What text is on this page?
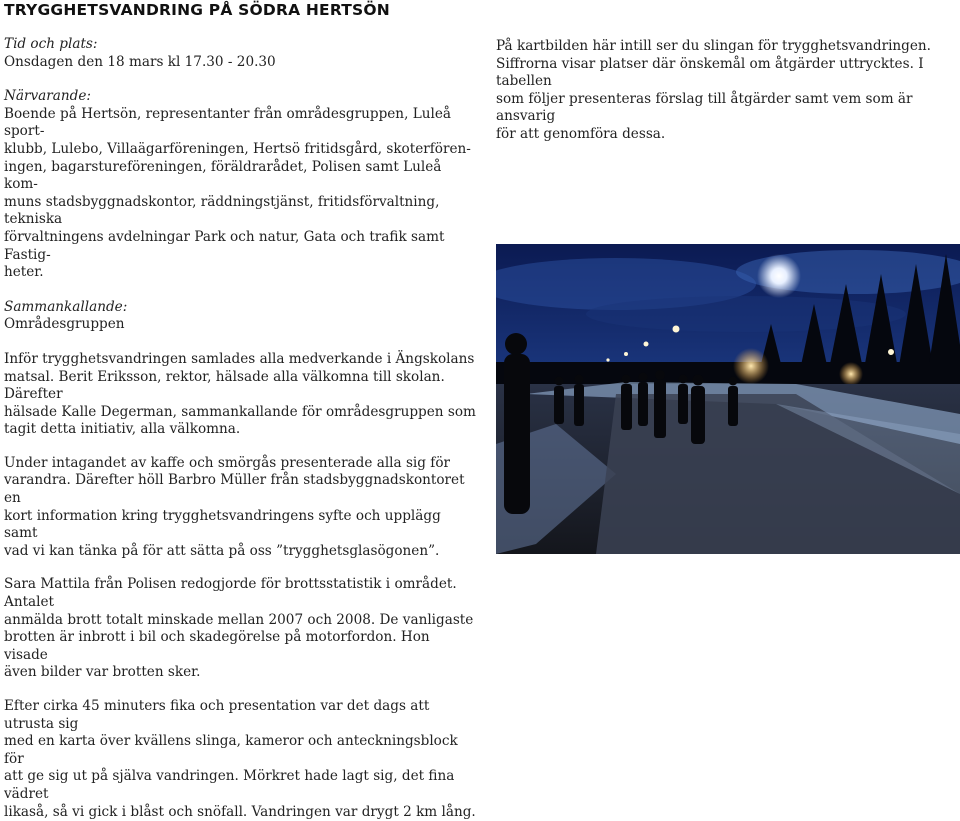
TRYGGHETSVANDRING PÅ SÖDRA HERTSÖN

Tid och plats:

Onsdagen den 18 mars kl 17.30 - 20.30

Närvarande:

Boende på Hertsön, representanter från områdesgruppen, Luleå sport-

klubb, Lulebo, Villaägarföreningen, Hertsö fritidsgård, skoterfören-

ingen, bagarstureföreningen, föräldrarådet, Polisen samt Luleå kom-

muns stadsbyggnadskontor, räddningstjänst, fritidsförvaltning, tekniska

förvaltningens avdelningar Park och natur, Gata och trafik samt Fastig-

heter.

Sammankallande:

Områdesgruppen

Inför trygghetsvandringen samlades alla medverkande i Ängskolans

matsal. Berit Eriksson, rektor, hälsade alla välkomna till skolan. Därefter

hälsade Kalle Degerman, sammankallande för områdesgruppen som

tagit detta initiativ, alla välkomna.

Under intagandet av kaffe och smörgås presenterade alla sig för

varandra. Därefter höll Barbro Müller från stadsbyggnadskontoret en

kort information kring trygghetsvandringens syfte och upplägg samt

vad vi kan tänka på för att sätta på oss ”trygghetsglasögonen”.

Sara Mattila från Polisen redogjorde för brottsstatistik i området. Antalet

anmälda brott totalt minskade mellan 2007 och 2008. De vanligaste

brotten är inbrott i bil och skadegörelse på motorfordon. Hon visade

även bilder var brotten sker.

Efter cirka 45 minuters fika och presentation var det dags att utrusta sig

med en karta över kvällens slinga, kameror och anteckningsblock för

att ge sig ut på själva vandringen. Mörkret hade lagt sig, det fina vädret

likaså, så vi gick i blåst och snöfall. Vandringen var drygt 2 km lång.

På kartbilden här intill ser du slingan för trygghetsvandringen.

Siffrorna visar platser där önskemål om åtgärder uttrycktes. I tabellen

som följer presenteras förslag till åtgärder samt vem som är ansvarig

för att genomföra dessa.
